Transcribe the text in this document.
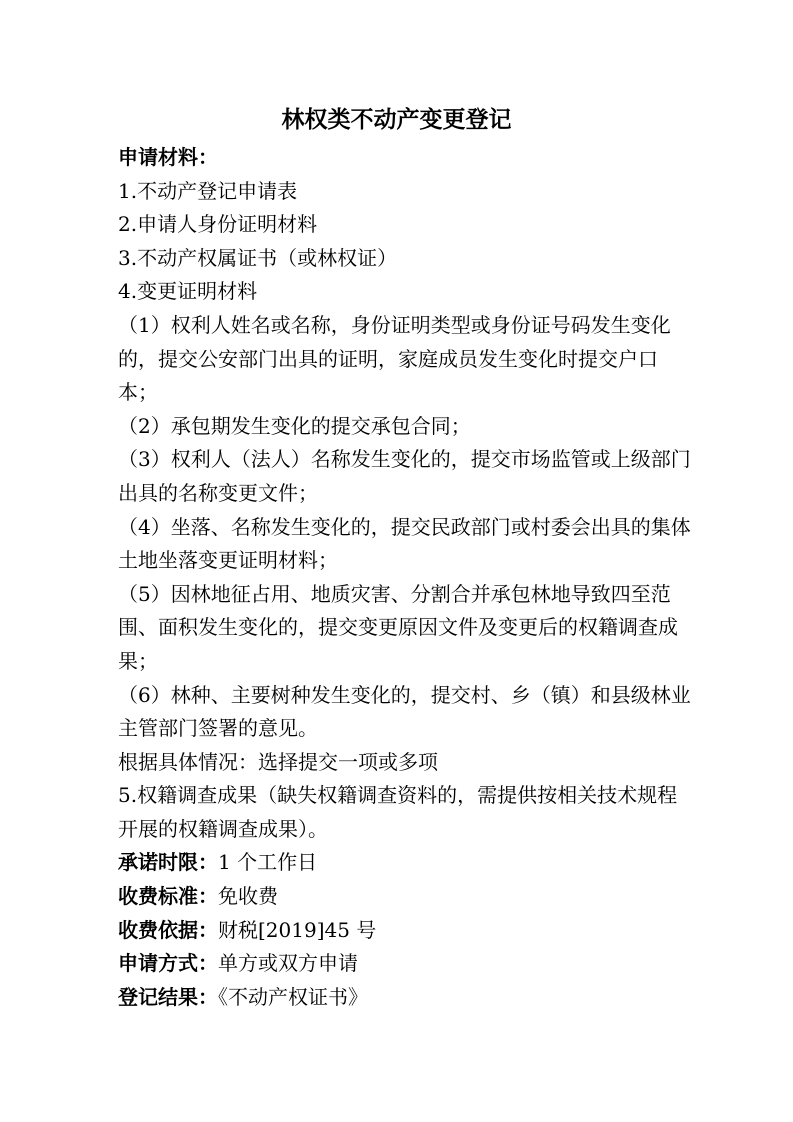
林权类不动产变更登记

申请材料：

1.不动产登记申请表

2.申请人身份证明材料

3.不动产权属证书（或林权证）

4.变更证明材料

（1）权利人姓名或名称，身份证明类型或身份证号码发生变化的，提交公安部门出具的证明，家庭成员发生变化时提交户口本；

（2）承包期发生变化的提交承包合同；

（3）权利人（法人）名称发生变化的，提交市场监管或上级部门出具的名称变更文件；

（4）坐落、名称发生变化的，提交民政部门或村委会出具的集体土地坐落变更证明材料；

（5）因林地征占用、地质灾害、分割合并承包林地导致四至范围、面积发生变化的，提交变更原因文件及变更后的权籍调查成果；

（6）林种、主要树种发生变化的，提交村、乡（镇）和县级林业主管部门签署的意见。

根据具体情况：选择提交一项或多项

5.权籍调查成果（缺失权籍调查资料的，需提供按相关技术规程开展的权籍调查成果）。

承诺时限：1 个工作日

收费标准：免收费

收费依据：财税[2019]45 号

申请方式：单方或双方申请

登记结果：《不动产权证书》
